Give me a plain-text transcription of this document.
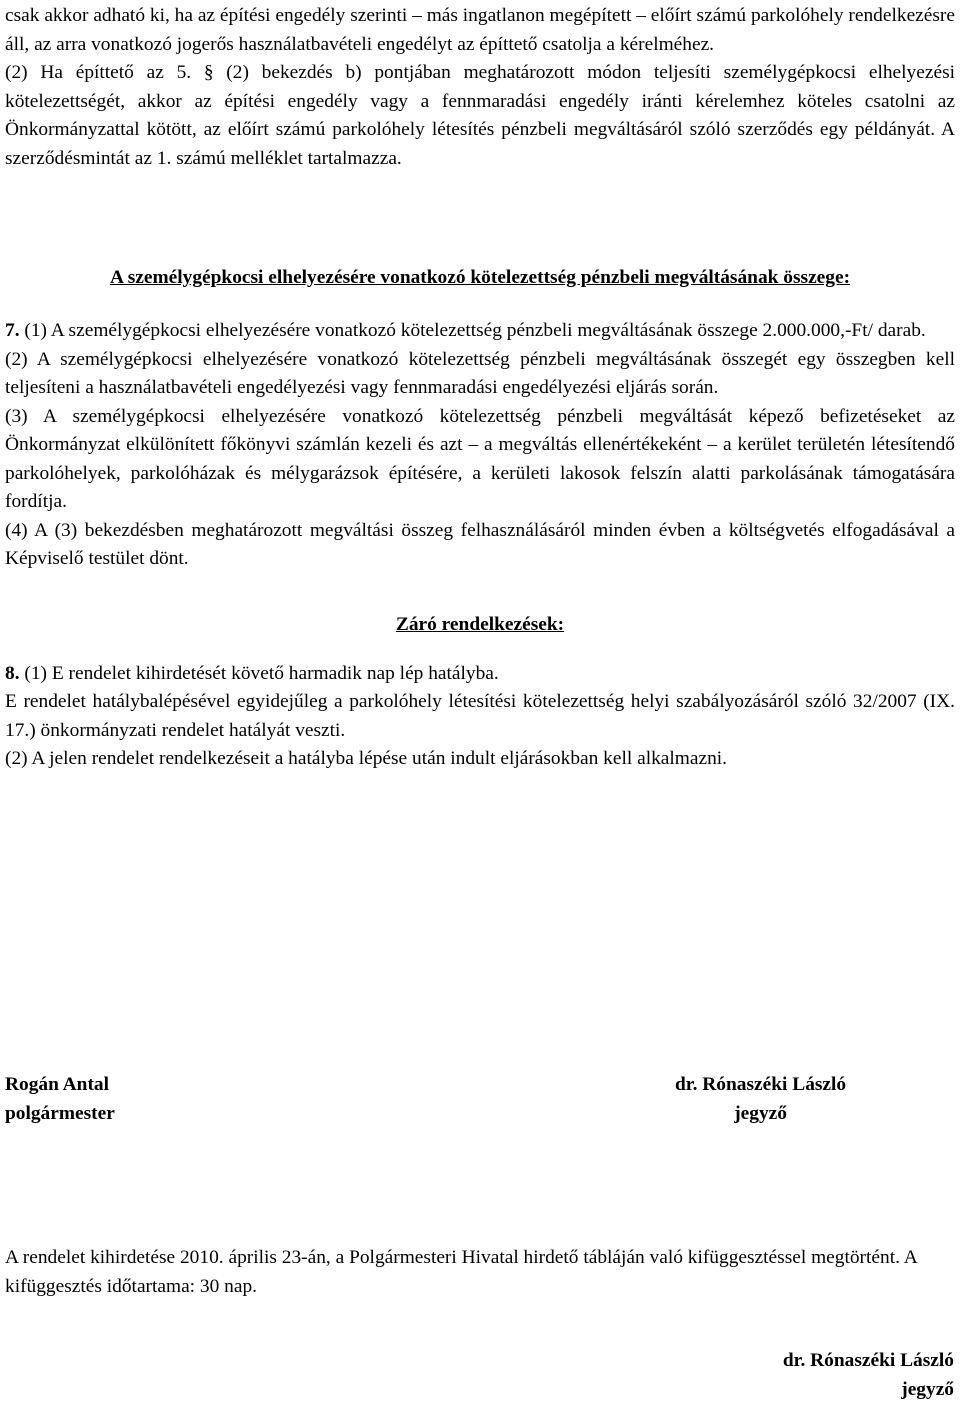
csak akkor adható ki, ha az építési engedély szerinti – más ingatlanon megépített – előírt számú parkolóhely rendelkezésre áll, az arra vonatkozó jogerős használatbavételi engedélyt az építtető csatolja a kérelméhez.

(2) Ha építtető az 5. § (2) bekezdés b) pontjában meghatározott módon teljesíti személygépkocsi elhelyezési kötelezettségét, akkor az építési engedély vagy a fennmaradási engedély iránti kérelemhez köteles csatolni az Önkormányzattal kötött, az előírt számú parkolóhely létesítés pénzbeli megváltásáról szóló szerződés egy példányát. A szerződésmintát az 1. számú melléklet tartalmazza.

A személygépkocsi elhelyezésére vonatkozó kötelezettség pénzbeli megváltásának összege:

7. (1) A személygépkocsi elhelyezésére vonatkozó kötelezettség pénzbeli megváltásának összege 2.000.000,-Ft/ darab.

(2) A személygépkocsi elhelyezésére vonatkozó kötelezettség pénzbeli megváltásának összegét egy összegben kell teljesíteni a használatbavételi engedélyezési vagy fennmaradási engedélyezési eljárás során.

(3) A személygépkocsi elhelyezésére vonatkozó kötelezettség pénzbeli megváltását képező befizetéseket az Önkormányzat elkülönített főkönyvi számlán kezeli és azt – a megváltás ellenértékeként – a kerület területén létesítendő parkolóhelyek, parkolóházak és mélygarázsok építésére, a kerületi lakosok felszín alatti parkolásának támogatására fordítja.

(4) A (3) bekezdésben meghatározott megváltási összeg felhasználásáról minden évben a költségvetés elfogadásával a Képviselő testület dönt.

Záró rendelkezések:

8. (1) E rendelet kihirdetését követő harmadik nap lép hatályba.

E rendelet hatálybalépésével egyidejűleg a parkolóhely létesítési kötelezettség helyi szabályozásáról szóló 32/2007 (IX. 17.) önkormányzati rendelet hatályát veszti.

(2) A jelen rendelet rendelkezéseit a hatályba lépése után indult eljárásokban kell alkalmazni.

Rogán Antal
polgármester
dr. Rónaszéki László
jegyző

A rendelet kihirdetése 2010. április 23-án, a Polgármesteri Hivatal hirdető tábláján való kifüggesztéssel megtörtént. A kifüggesztés időtartama: 30 nap.

dr. Rónaszéki László
jegyző
